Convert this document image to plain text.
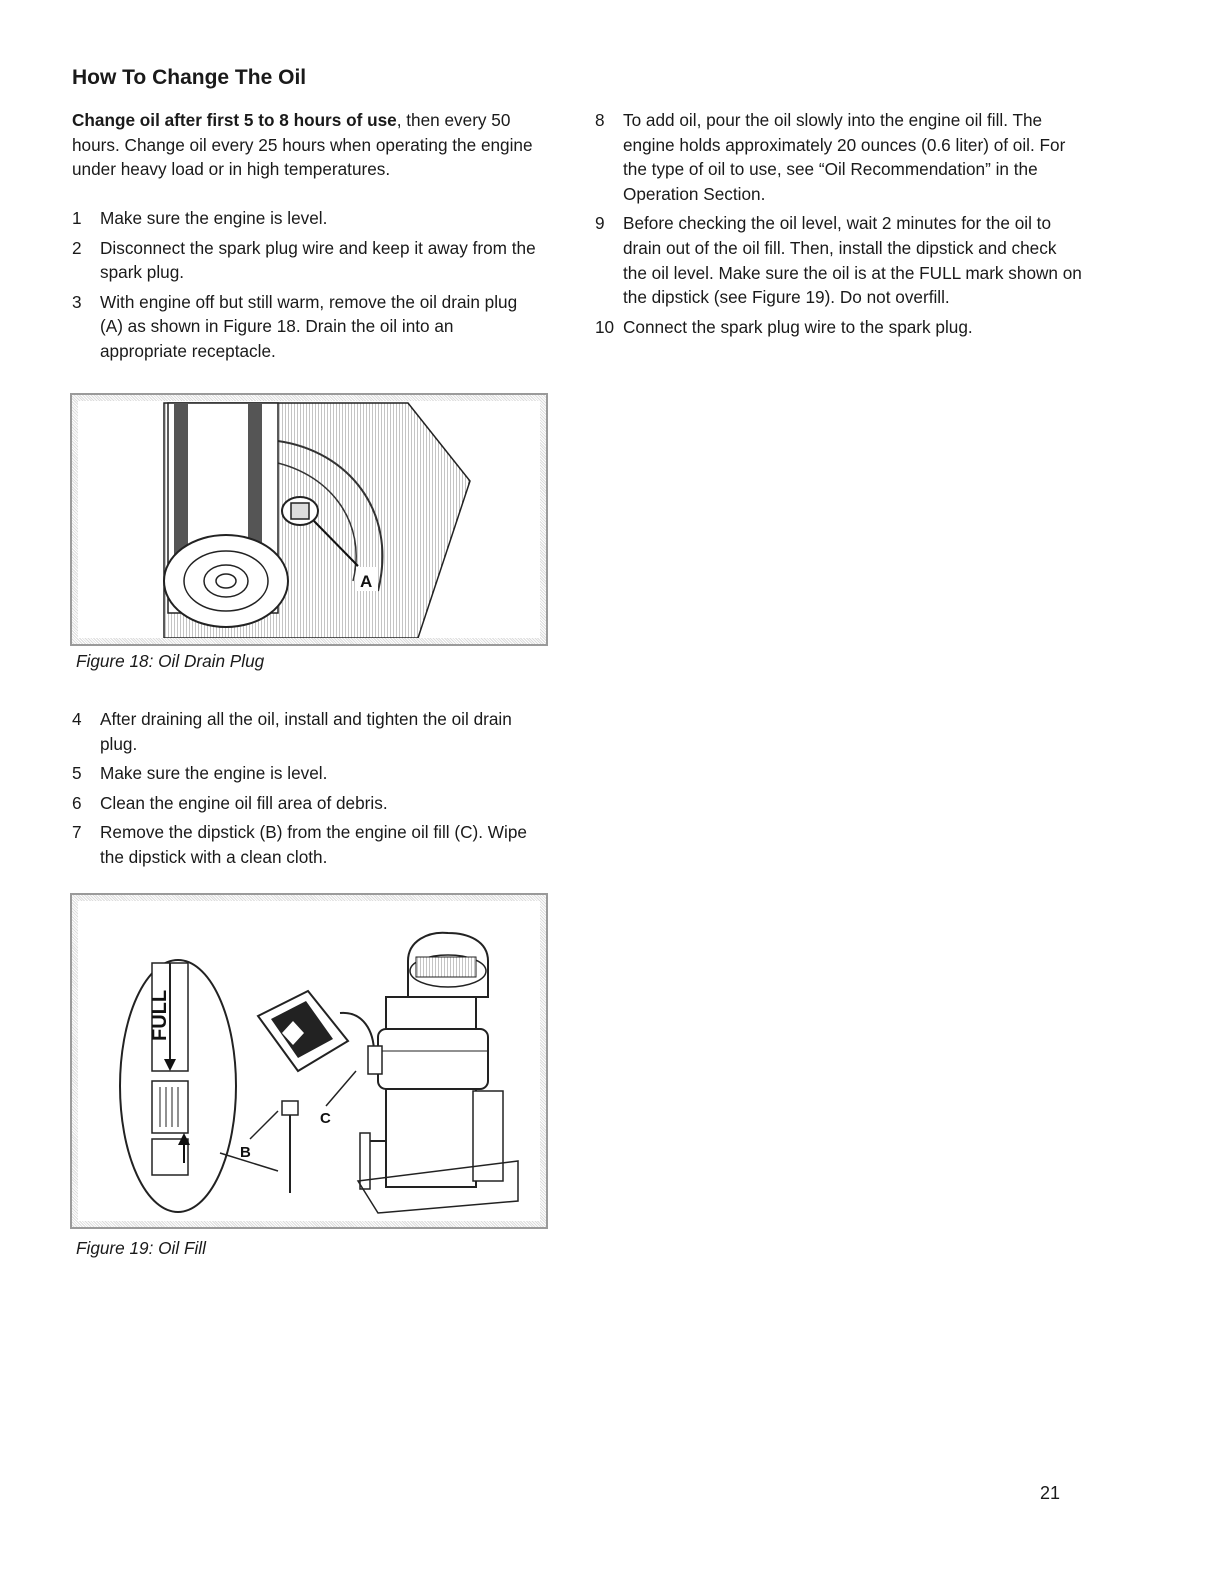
How To Change The Oil

Change oil after first 5 to 8 hours of use, then every 50 hours. Change oil every 25 hours when operating the engine under heavy load or in high temperatures.

1 Make sure the engine is level.
2 Disconnect the spark plug wire and keep it away from the spark plug.
3 With engine off but still warm, remove the oil drain plug (A) as shown in Figure 18. Drain the oil into an appropriate receptacle.
A

Figure 18: Oil Drain Plug

4 After draining all the oil, install and tighten the oil drain plug.
5 Make sure the engine is level.
6 Clean the engine oil fill area of debris.
7 Remove the dipstick (B) from the engine oil fill (C). Wipe the dipstick with a clean cloth.
FULL
B
C

Figure 19: Oil Fill

8 To add oil, pour the oil slowly into the engine oil fill. The engine holds approximately 20 ounces (0.6 liter) of oil. For the type of oil to use, see “Oil Recommendation” in the Operation Section.
9 Before checking the oil level, wait 2 minutes for the oil to drain out of the oil fill. Then, install the dipstick and check the oil level. Make sure the oil is at the FULL mark shown on the dipstick (see Figure 19). Do not overfill.
10 Connect the spark plug wire to the spark plug.
21
